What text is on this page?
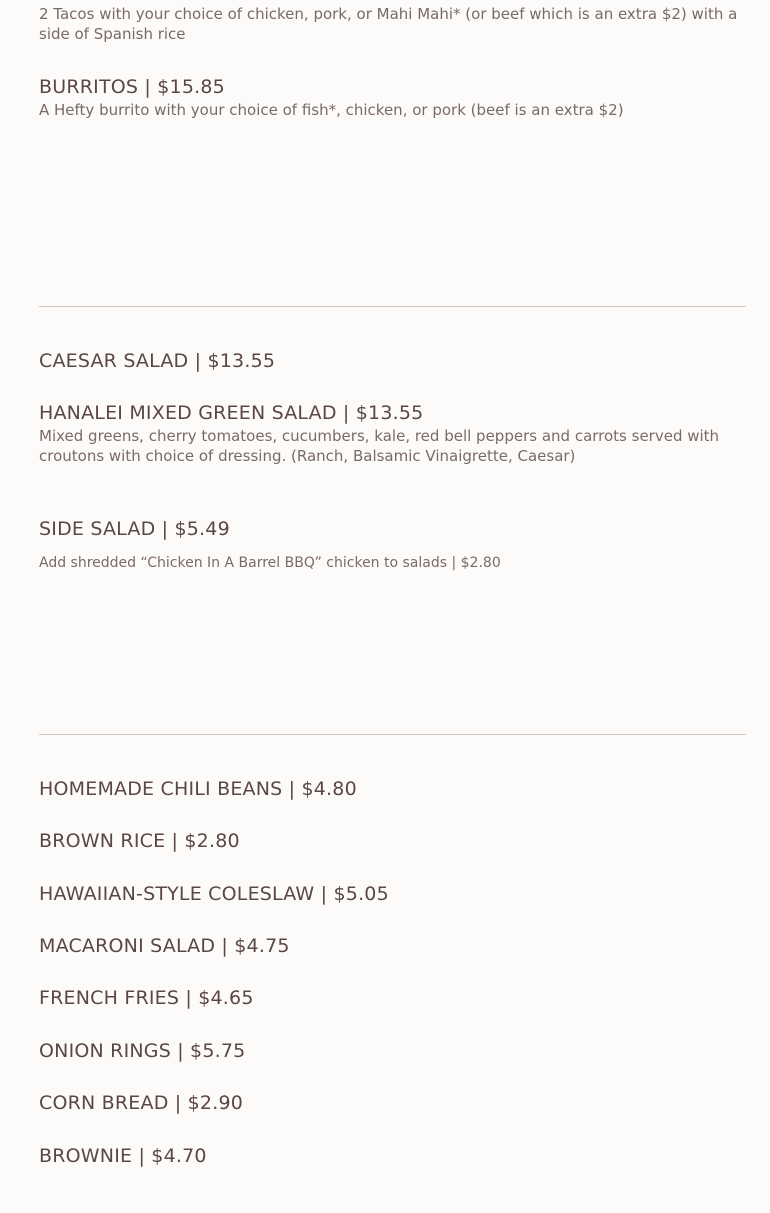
2 Tacos with your choice of chicken, pork, or Mahi Mahi* (or beef which is an extra $2) with a side of Spanish rice
BURRITOS | $15.85
A Hefty burrito with your choice of fish*, chicken, or pork (beef is an extra $2)
CAESAR SALAD | $13.55
HANALEI MIXED GREEN SALAD | $13.55
Mixed greens, cherry tomatoes, cucumbers, kale, red bell peppers and carrots served with croutons with choice of dressing. (Ranch, Balsamic Vinaigrette, Caesar)
SIDE SALAD | $5.49
Add shredded “Chicken In A Barrel BBQ” chicken to salads | $2.80
HOMEMADE CHILI BEANS | $4.80
BROWN RICE | $2.80
HAWAIIAN-STYLE COLESLAW | $5.05
MACARONI SALAD | $4.75
FRENCH FRIES | $4.65
ONION RINGS | $5.75
CORN BREAD | $2.90
BROWNIE | $4.70
